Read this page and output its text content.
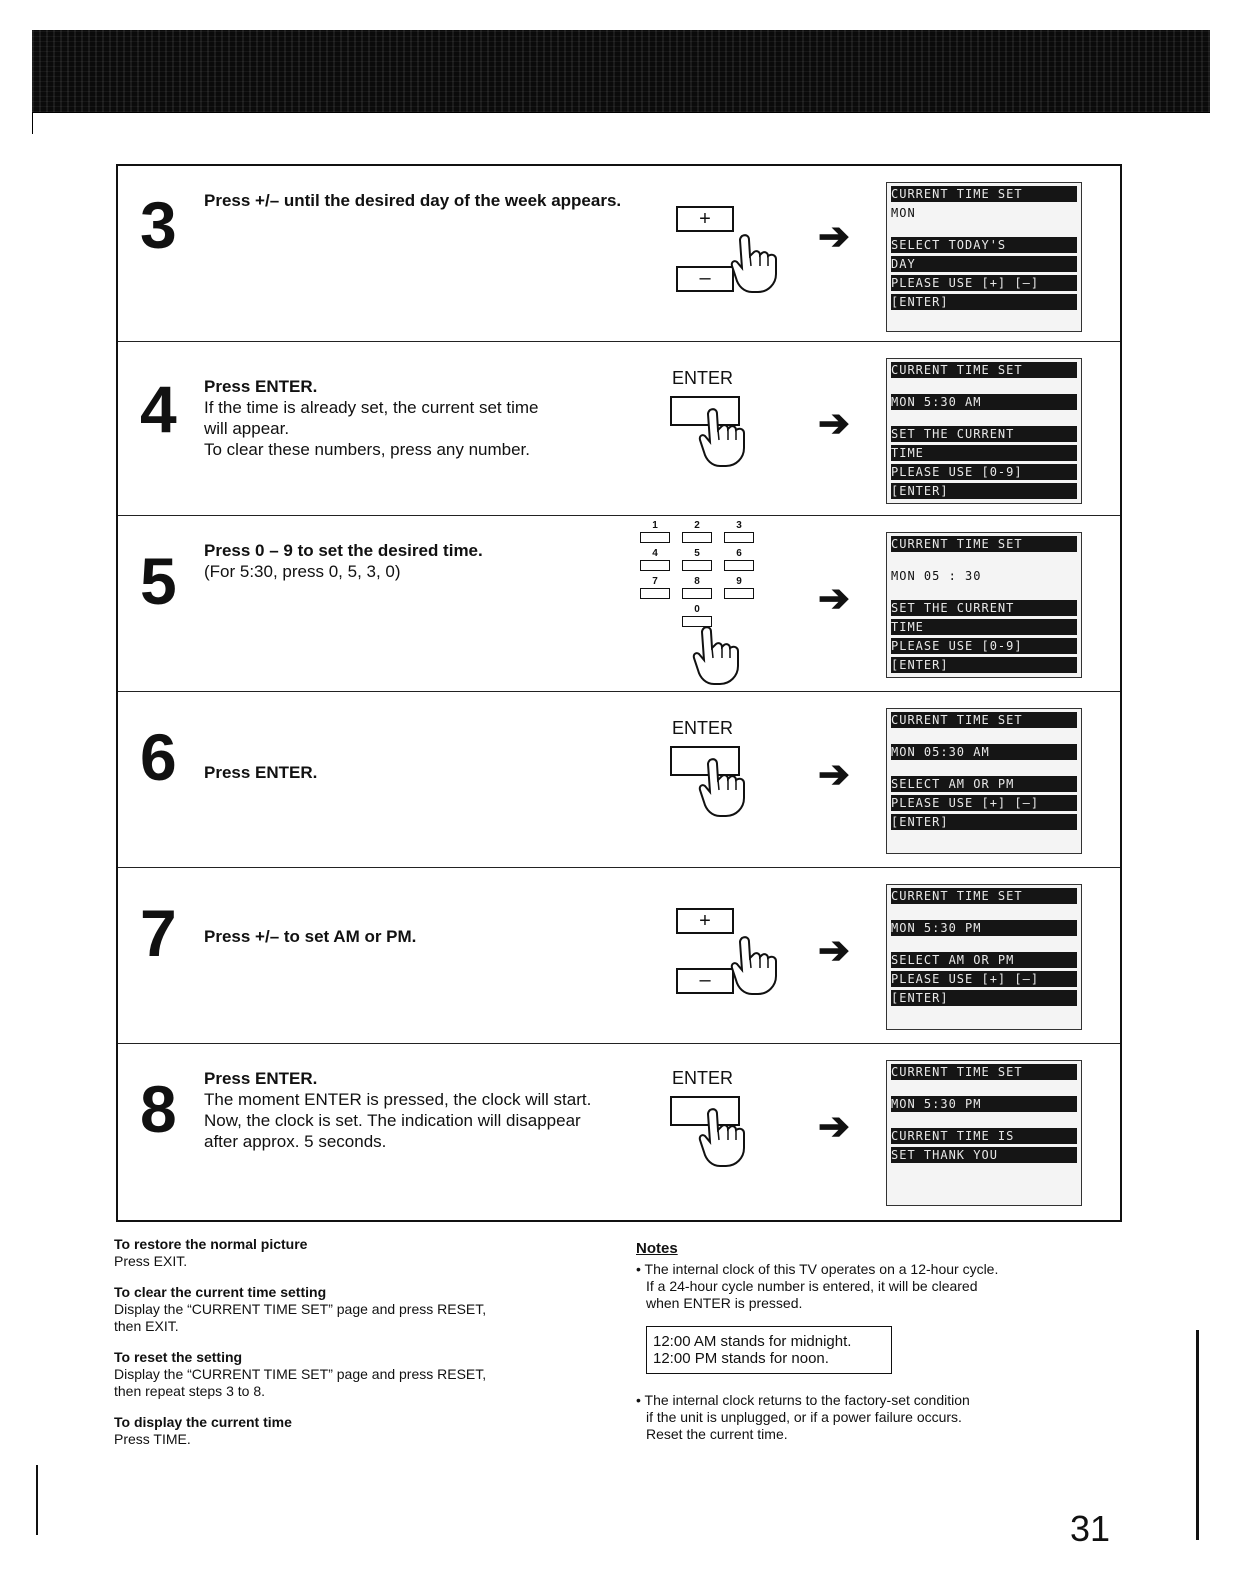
3 Press +/– until the desired day of the week appears.
+
–
➔
CURRENT TIME SET
MON
SELECT TODAY'S
DAY
PLEASE USE [+] [–]
[ENTER]
4 Press ENTER.
If the time is already set, the current set time
will appear.
To clear these numbers, press any number.
ENTER
➔
CURRENT TIME SET
MON 5:30 AM
SET THE CURRENT
TIME
PLEASE USE [0-9]
[ENTER]
5 Press 0 – 9 to set the desired time.
(For 5:30, press 0, 5, 3, 0)
1	2	3
4	5	6
7	8	9
0	➔
CURRENT TIME SET
MON 05 : 30
SET THE CURRENT
TIME
PLEASE USE [0-9]
[ENTER]
6 Press ENTER.
ENTER
➔
CURRENT TIME SET
MON 05:30 AM
SELECT AM OR PM
PLEASE USE [+] [–]
[ENTER]
7 Press +/– to set AM or PM.
+
–
➔
CURRENT TIME SET
MON 5:30 PM
SELECT AM OR PM
PLEASE USE [+] [–]
[ENTER]
8 Press ENTER.
The moment ENTER is pressed, the clock will start.
Now, the clock is set. The indication will disappear
after approx. 5 seconds.
ENTER
➔
CURRENT TIME SET
MON 5:30 PM
CURRENT TIME IS
SET THANK YOU
To restore the normal picture
Press EXIT.
To clear the current time setting
Display the “CURRENT TIME SET” page and press RESET,
then EXIT.
To reset the setting
Display the “CURRENT TIME SET” page and press RESET,
then repeat steps 3 to 8.
To display the current time
Press TIME.
Notes
• The internal clock of this TV operates on a 12-hour cycle.
If a 24-hour cycle number is entered, it will be cleared
when ENTER is pressed.
12:00 AM stands for midnight.
12:00 PM stands for noon.
• The internal clock returns to the factory-set condition
if the unit is unplugged, or if a power failure occurs.
Reset the current time.
31
